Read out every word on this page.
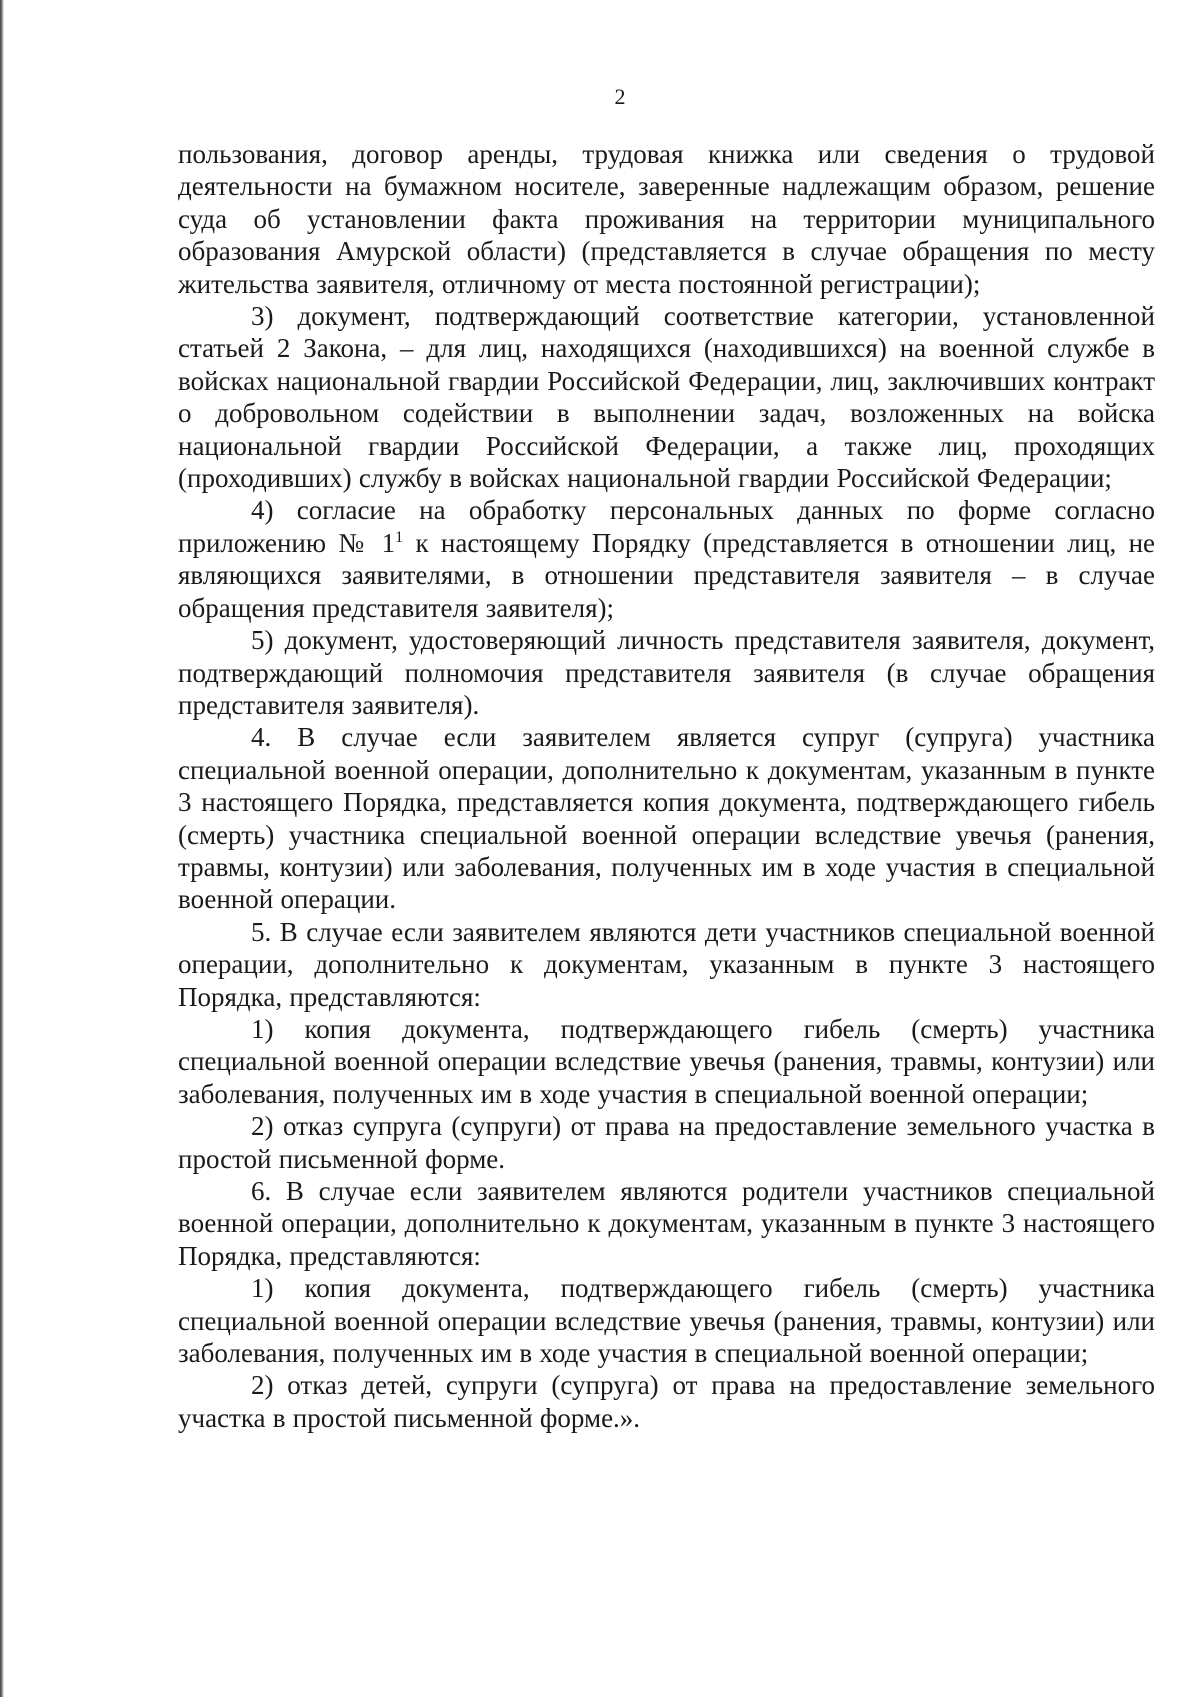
2

пользования, договор аренды, трудовая книжка или сведения о трудовой деятельности на бумажном носителе, заверенные надлежащим образом, решение суда об установлении факта проживания на территории муниципального образования Амурской области) (представляется в случае обращения по месту жительства заявителя, отличному от места постоянной регистрации);

3) документ, подтверждающий соответствие категории, установленной статьей 2 Закона, – для лиц, находящихся (находившихся) на военной службе в войсках национальной гвардии Российской Федерации, лиц, заключивших контракт о добровольном содействии в выполнении задач, возложенных на войска национальной гвардии Российской Федерации, а также лиц, проходящих (проходивших) службу в войсках национальной гвардии Российской Федерации;

4) согласие на обработку персональных данных по форме согласно приложению № $1^1$ к настоящему Порядку (представляется в отношении лиц, не являющихся заявителями, в отношении представителя заявителя – в случае обращения представителя заявителя);

5) документ, удостоверяющий личность представителя заявителя, документ, подтверждающий полномочия представителя заявителя (в случае обращения представителя заявителя).

4. В случае если заявителем является супруг (супруга) участника специальной военной операции, дополнительно к документам, указанным в пункте 3 настоящего Порядка, представляется копия документа, подтверждающего гибель (смерть) участника специальной военной операции вследствие увечья (ранения, травмы, контузии) или заболевания, полученных им в ходе участия в специальной военной операции.

5. В случае если заявителем являются дети участников специальной военной операции, дополнительно к документам, указанным в пункте 3 настоящего Порядка, представляются:

1) копия документа, подтверждающего гибель (смерть) участника специальной военной операции вследствие увечья (ранения, травмы, контузии) или заболевания, полученных им в ходе участия в специальной военной операции;

2) отказ супруга (супруги) от права на предоставление земельного участка в простой письменной форме.

6. В случае если заявителем являются родители участников специальной военной операции, дополнительно к документам, указанным в пункте 3 настоящего Порядка, представляются:

1) копия документа, подтверждающего гибель (смерть) участника специальной военной операции вследствие увечья (ранения, травмы, контузии) или заболевания, полученных им в ходе участия в специальной военной операции;

2) отказ детей, супруги (супруга) от права на предоставление земельного участка в простой письменной форме.».
